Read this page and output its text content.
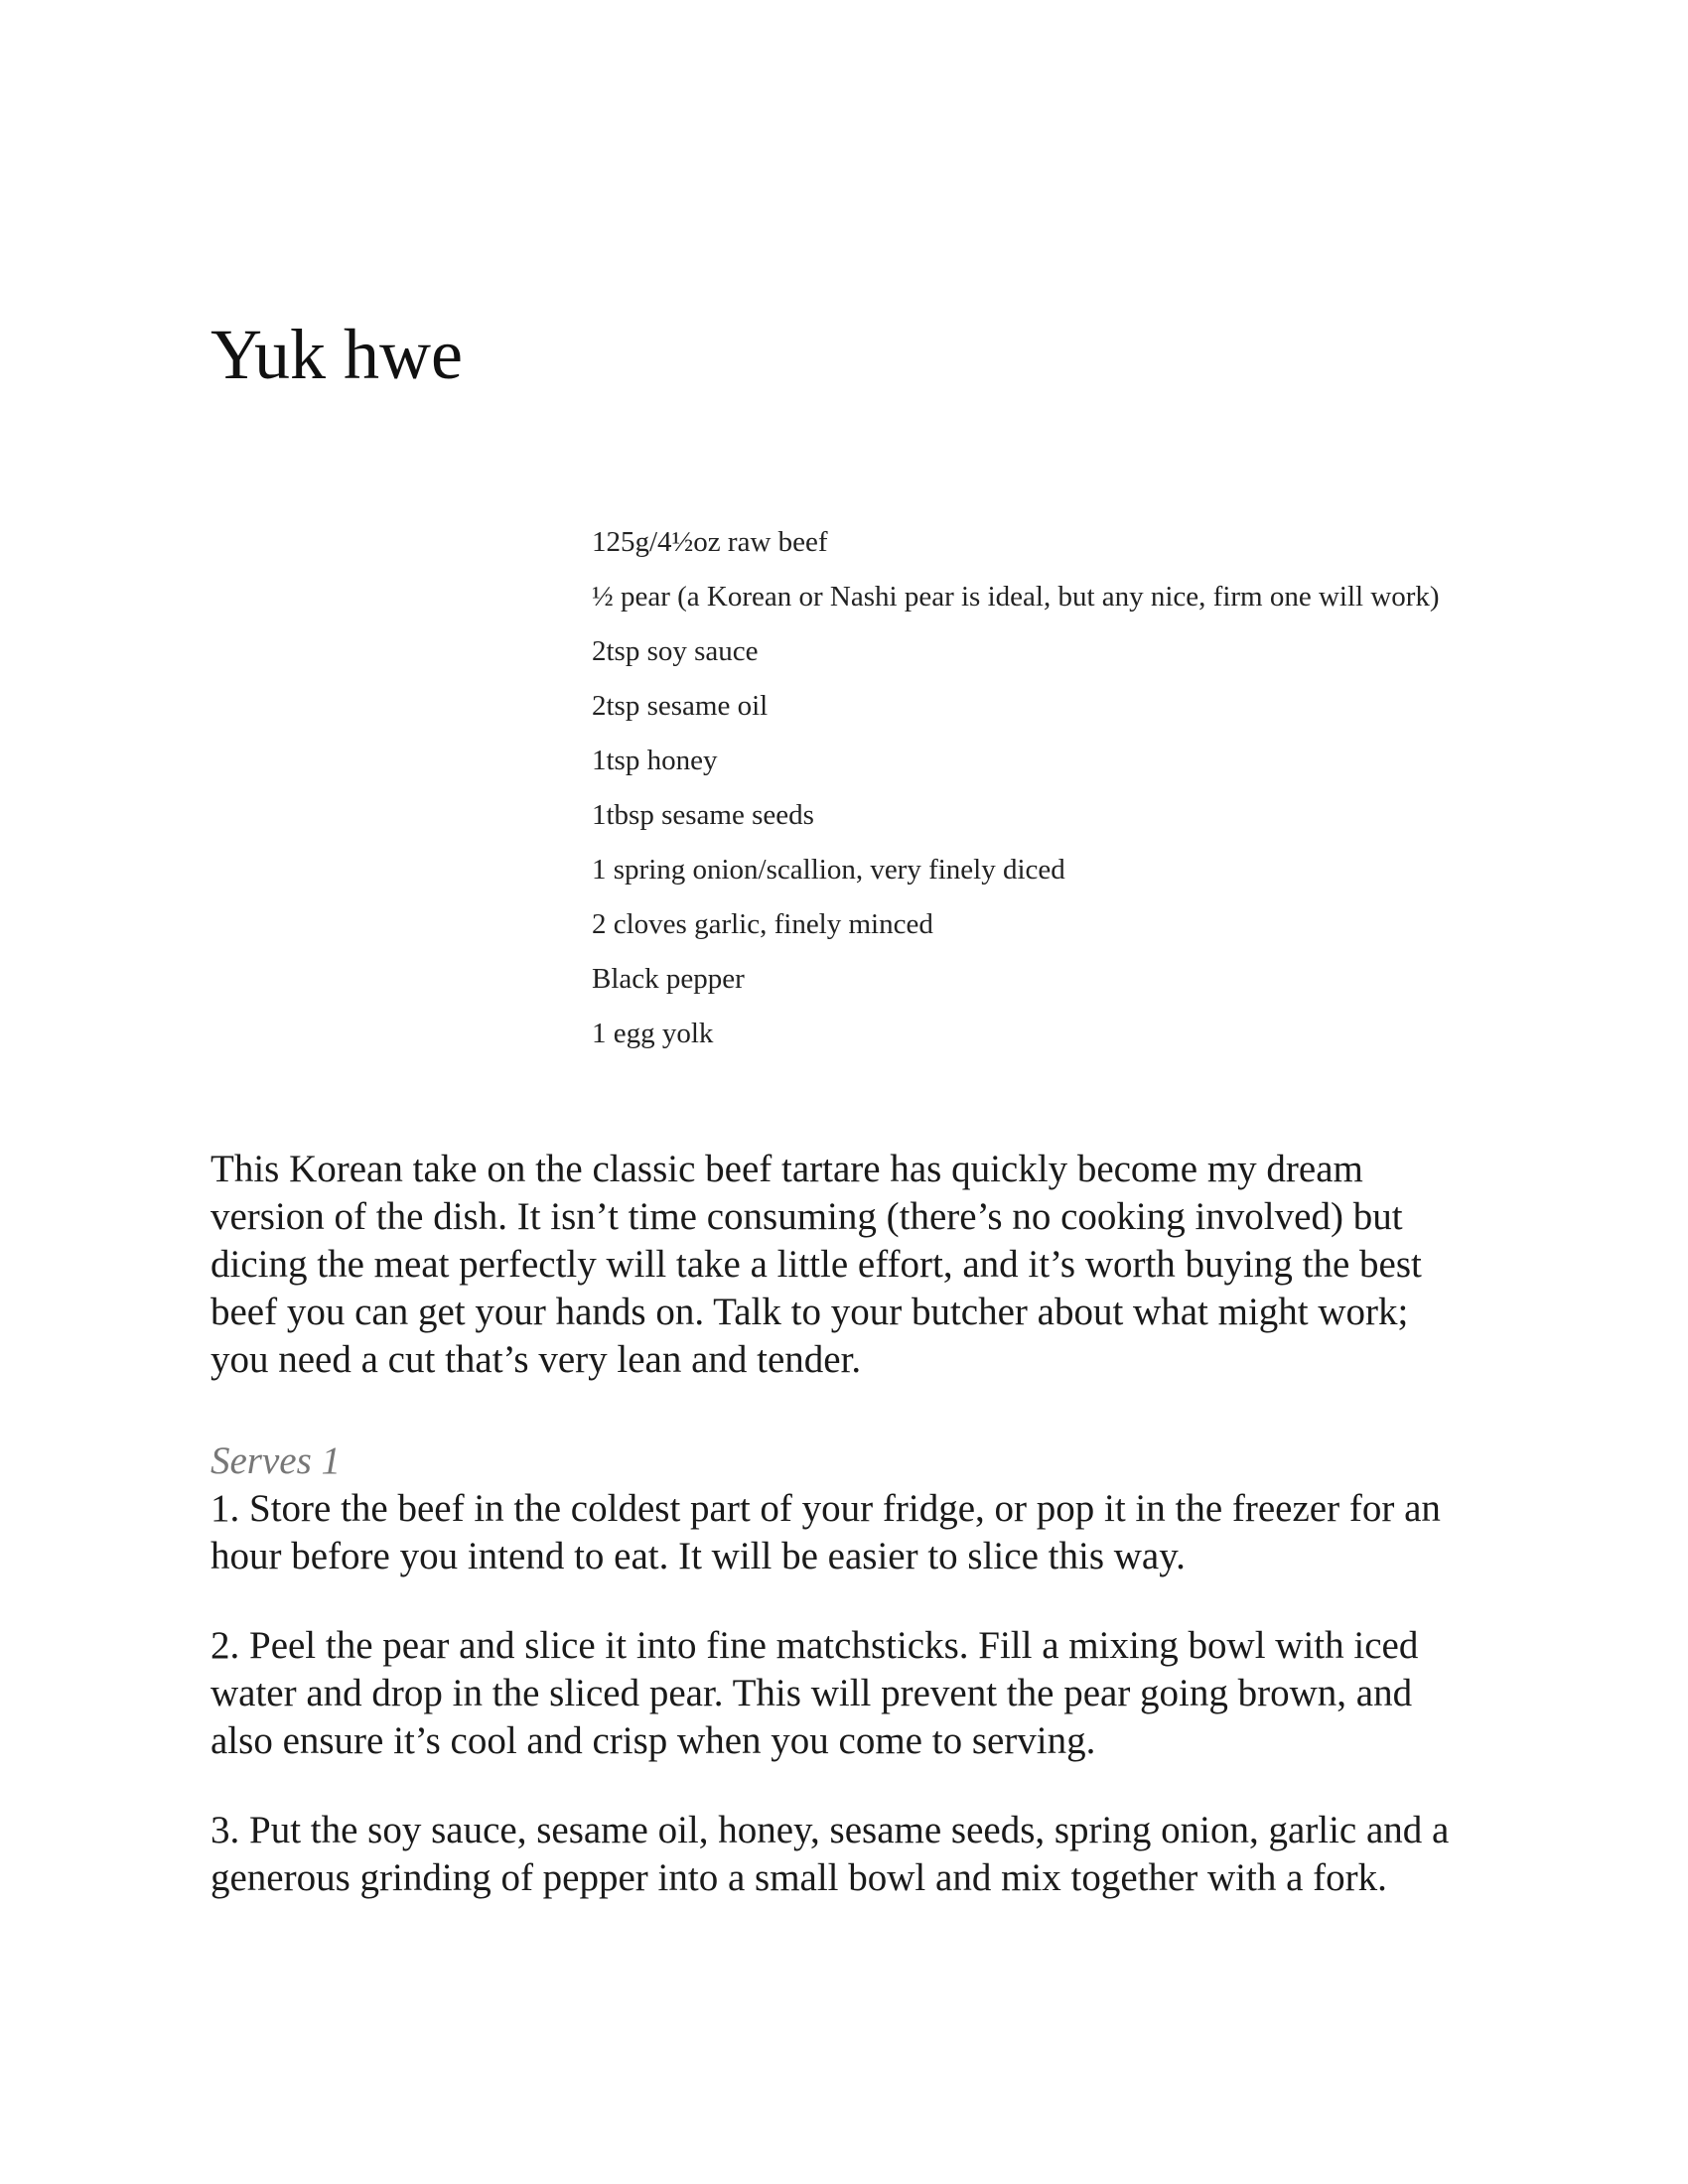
Yuk hwe
125g/4½oz raw beef
½ pear (a Korean or Nashi pear is ideal, but any nice, firm one will work)
2tsp soy sauce
2tsp sesame oil
1tsp honey
1tbsp sesame seeds
1 spring onion/scallion, very finely diced
2 cloves garlic, finely minced
Black pepper
1 egg yolk

This Korean take on the classic beef tartare has quickly become my dream version of the dish. It isn’t time consuming (there’s no cooking involved) but dicing the meat perfectly will take a little effort, and it’s worth buying the best beef you can get your hands on. Talk to your butcher about what might work; you need a cut that’s very lean and tender.

Serves 1

1. Store the beef in the coldest part of your fridge, or pop it in the freezer for an hour before you intend to eat. It will be easier to slice this way.
2. Peel the pear and slice it into fine matchsticks. Fill a mixing bowl with iced water and drop in the sliced pear. This will prevent the pear going brown, and also ensure it’s cool and crisp when you come to serving.
3. Put the soy sauce, sesame oil, honey, sesame seeds, spring onion, garlic and a generous grinding of pepper into a small bowl and mix together with a fork.
